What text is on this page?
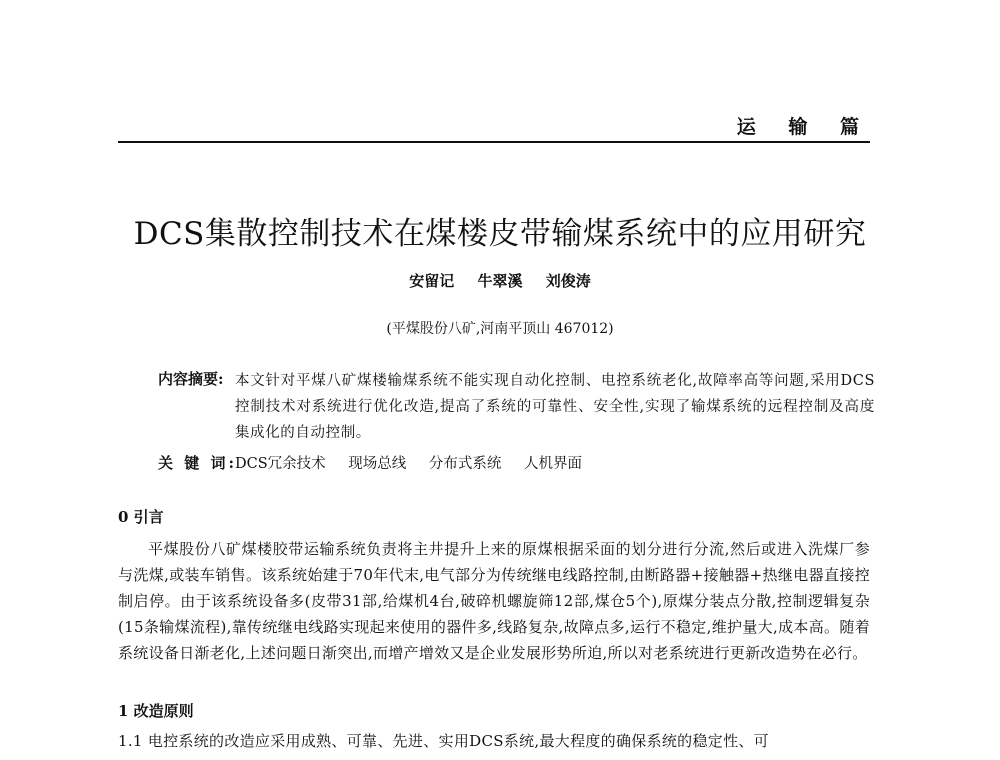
运 输 篇
DCS集散控制技术在煤楼皮带输煤系统中的应用研究
安留记 牛翠溪 刘俊涛
(平煤股份八矿,河南平顶山 467012)
内容摘要: 本文针对平煤八矿煤楼输煤系统不能实现自动化控制、电控系统老化,故障率高等问题,采用DCS控制技术对系统进行优化改造,提高了系统的可靠性、安全性,实现了输煤系统的远程控制及高度集成化的自动控制。
关 键 词:
DCS冗余技术 现场总线 分布式系统 人机界面
0 引言

平煤股份八矿煤楼胶带运输系统负责将主井提升上来的原煤根据采面的划分进行分流,然后或进入洗煤厂参与洗煤,或装车销售。该系统始建于70年代末,电气部分为传统继电线路控制,由断路器+接触器+热继电器直接控制启停。由于该系统设备多(皮带31部,给煤机4台,破碎机螺旋筛12部,煤仓5个),原煤分装点分散,控制逻辑复杂(15条输煤流程),靠传统继电线路实现起来使用的器件多,线路复杂,故障点多,运行不稳定,维护量大,成本高。随着系统设备日渐老化,上述问题日渐突出,而增产增效又是企业发展形势所迫,所以对老系统进行更新改造势在必行。

1 改造原则
1.1 电控系统的改造应采用成熟、可靠、先进、实用DCS系统,最大程度的确保系统的稳定性、可
